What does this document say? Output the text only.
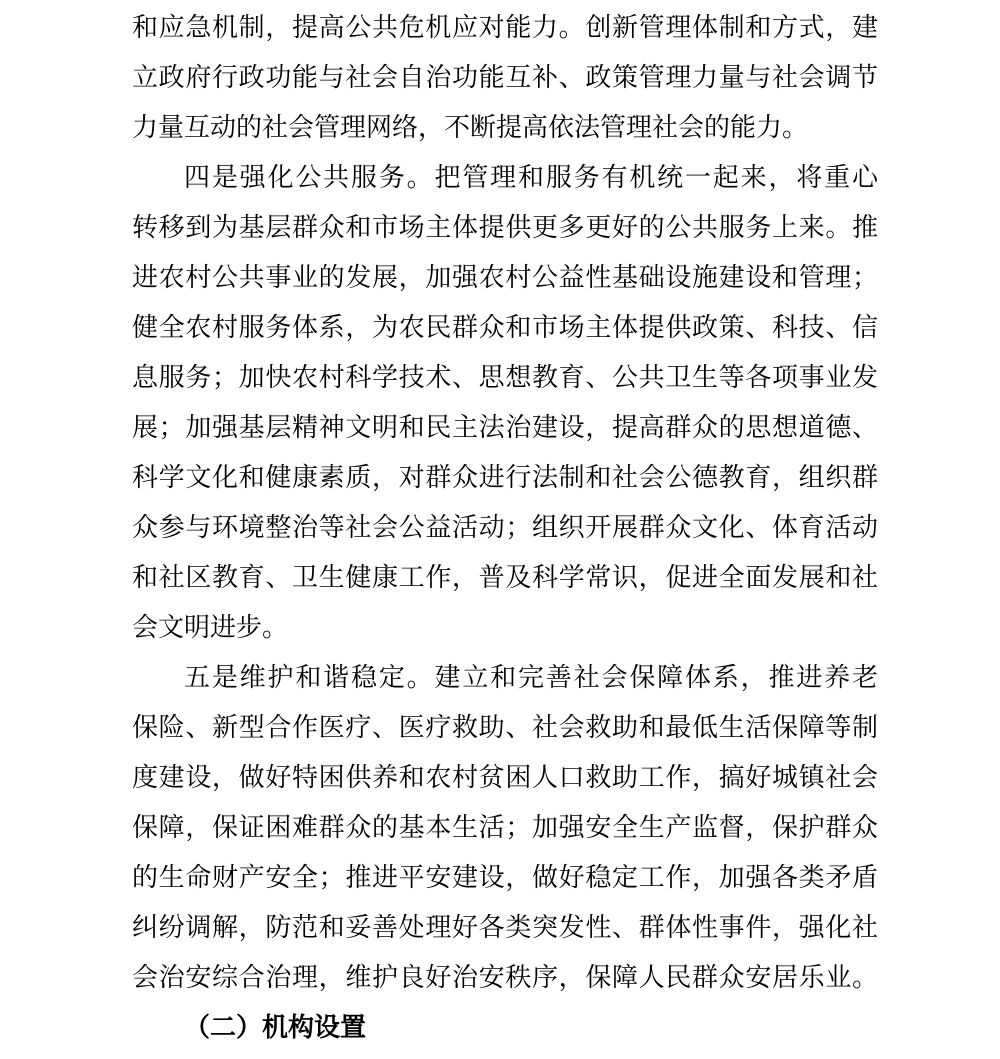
和应急机制，提高公共危机应对能力。创新管理体制和方式，建
立政府行政功能与社会自治功能互补、政策管理力量与社会调节
力量互动的社会管理网络，不断提高依法管理社会的能力。
四是强化公共服务。把管理和服务有机统一起来，将重心
转移到为基层群众和市场主体提供更多更好的公共服务上来。推
进农村公共事业的发展，加强农村公益性基础设施建设和管理；
健全农村服务体系，为农民群众和市场主体提供政策、科技、信
息服务；加快农村科学技术、思想教育、公共卫生等各项事业发
展；加强基层精神文明和民主法治建设，提高群众的思想道德、
科学文化和健康素质，对群众进行法制和社会公德教育，组织群
众参与环境整治等社会公益活动；组织开展群众文化、体育活动
和社区教育、卫生健康工作，普及科学常识，促进全面发展和社
会文明进步。
五是维护和谐稳定。建立和完善社会保障体系，推进养老
保险、新型合作医疗、医疗救助、社会救助和最低生活保障等制
度建设，做好特困供养和农村贫困人口救助工作，搞好城镇社会
保障，保证困难群众的基本生活；加强安全生产监督，保护群众
的生命财产安全；推进平安建设，做好稳定工作，加强各类矛盾
纠纷调解，防范和妥善处理好各类突发性、群体性事件，强化社
会治安综合治理，维护良好治安秩序，保障人民群众安居乐业。
（二）机构设置
